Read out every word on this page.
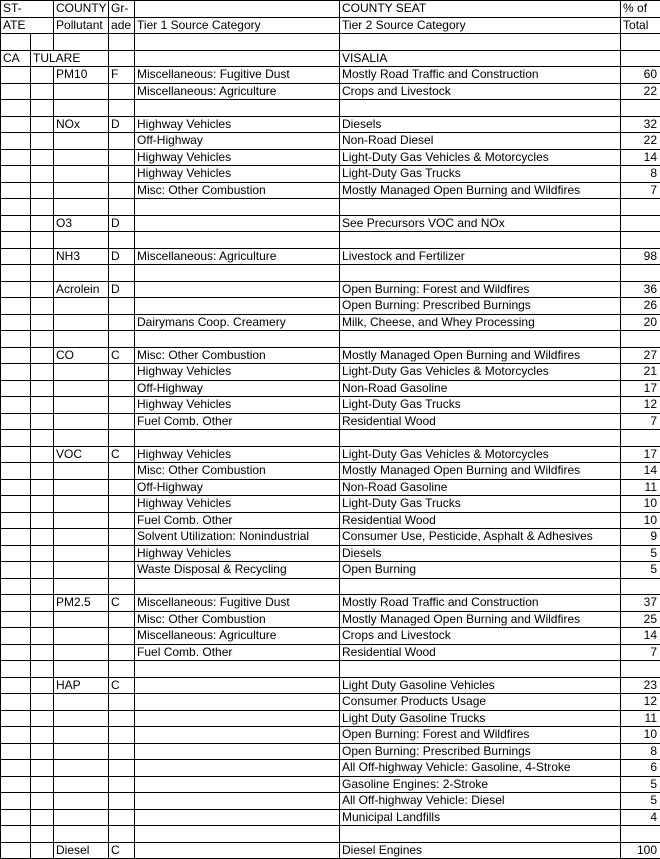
ST-		COUNTY	Gr-		COUNTY SEAT	% of
ATE		Pollutant	ade	Tier 1 Source Category	Tier 2 Source Category	Total

CA	TULARE				VISALIA	
		PM10	F	Miscellaneous: Fugitive Dust	Mostly Road Traffic and Construction	60
				Miscellaneous: Agriculture	Crops and Livestock	22

		NOx	D	Highway Vehicles	Diesels	32
				Off-Highway	Non-Road Diesel	22
				Highway Vehicles	Light-Duty Gas Vehicles & Motorcycles	14
				Highway Vehicles	Light-Duty Gas Trucks	8
				Misc: Other Combustion	Mostly Managed Open Burning and Wildfires	7

		O3	D		See Precursors VOC and NOx	

		NH3	D	Miscellaneous: Agriculture	Livestock and Fertilizer	98

		Acrolein	D		Open Burning: Forest and Wildfires	36
					Open Burning: Prescribed Burnings	26
				Dairymans Coop. Creamery	Milk, Cheese, and Whey Processing	20

		CO	C	Misc: Other Combustion	Mostly Managed Open Burning and Wildfires	27
				Highway Vehicles	Light-Duty Gas Vehicles & Motorcycles	21
				Off-Highway	Non-Road Gasoline	17
				Highway Vehicles	Light-Duty Gas Trucks	12
				Fuel Comb. Other	Residential Wood	7

		VOC	C	Highway Vehicles	Light-Duty Gas Vehicles & Motorcycles	17
				Misc: Other Combustion	Mostly Managed Open Burning and Wildfires	14
				Off-Highway	Non-Road Gasoline	11
				Highway Vehicles	Light-Duty Gas Trucks	10
				Fuel Comb. Other	Residential Wood	10
				Solvent Utilization: Nonindustrial	Consumer Use, Pesticide, Asphalt & Adhesives	9
				Highway Vehicles	Diesels	5
				Waste Disposal & Recycling	Open Burning	5

		PM2.5	C	Miscellaneous: Fugitive Dust	Mostly Road Traffic and Construction	37
				Misc: Other Combustion	Mostly Managed Open Burning and Wildfires	25
				Miscellaneous: Agriculture	Crops and Livestock	14
				Fuel Comb. Other	Residential Wood	7

		HAP	C		Light Duty Gasoline Vehicles	23
					Consumer Products Usage	12
					Light Duty Gasoline Trucks	11
					Open Burning: Forest and Wildfires	10
					Open Burning: Prescribed Burnings	8
					All Off-highway Vehicle: Gasoline, 4-Stroke	6
					Gasoline Engines: 2-Stroke	5
					All Off-highway Vehicle: Diesel	5
					Municipal Landfills	4

		Diesel	C		Diesel Engines	100
